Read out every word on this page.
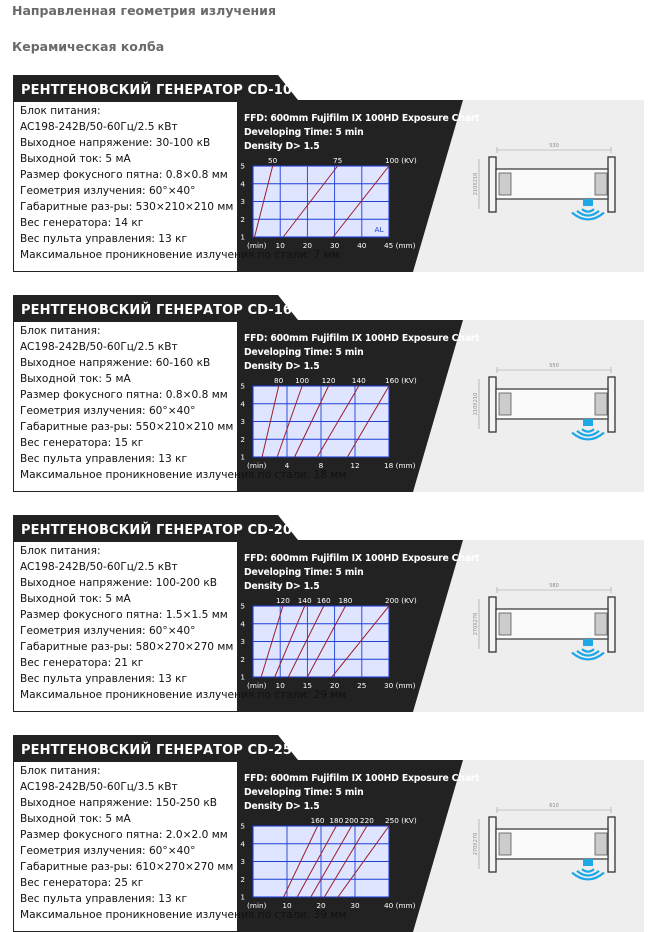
Направленная геометрия излучения
Керамическая колба
РЕНТГЕНОВСКИЙ ГЕНЕРАТОР CD-100
Блок питания:
AC198-242В/50-60Гц/2.5 кВт
Выходное напряжение: 30-100 кВ
Выходной ток: 5 мА
Размер фокусного пятна: 0.8×0.8 мм
Геометрия излучения: 60°×40°
Габаритные раз-ры: 530×210×210 мм
Вес генератора: 14 кг
Вес пульта управления: 13 кг
Максимальное проникновение излучения по стали: 7 мм
FFD: 600mm Fujifilm IX 100HD Exposure Chart
Developing Time: 5 min
Density D> 1.5
1
2
3
4
5
(min) 10 20 30 40 45 (mm)
50	75	100 (KV)
AL
530
210X210
РЕНТГЕНОВСКИЙ ГЕНЕРАТОР CD-160
Блок питания:
AC198-242В/50-60Гц/2.5 кВт
Выходное напряжение: 60-160 кВ
Выходной ток: 5 мА
Размер фокусного пятна: 0.8×0.8 мм
Геометрия излучения: 60°×40°
Габаритные раз-ры: 550×210×210 мм
Вес генератора: 15 кг
Вес пульта управления: 13 кг
Максимальное проникновение излучения по стали: 18 мм
FFD: 600mm Fujifilm IX 100HD Exposure Chart
Developing Time: 5 min
Density D> 1.5
1
2
3
4
5
(min) 4	8	12	18 (mm)
80 100 120 140	160 (KV)
550
210X210
РЕНТГЕНОВСКИЙ ГЕНЕРАТОР CD-200
Блок питания:
AC198-242В/50-60Гц/2.5 кВт
Выходное напряжение: 100-200 кВ
Выходной ток: 5 мА
Размер фокусного пятна: 1.5×1.5 мм
Геометрия излучения: 60°×40°
Габаритные раз-ры: 580×270×270 мм
Вес генератора: 21 кг
Вес пульта управления: 13 кг
Максимальное проникновение излучения по стали: 29 мм
FFD: 600mm Fujifilm IX 100HD Exposure Chart
Developing Time: 5 min
Density D> 1.5
1
2
3
4
5
(min) 10 15 20 25 30 (mm)
120 140 160 180	200 (KV)
580
270X270
РЕНТГЕНОВСКИЙ ГЕНЕРАТОР CD-250
Блок питания:
AC198-242В/50-60Гц/3.5 кВт
Выходное напряжение: 150-250 кВ
Выходной ток: 5 мА
Размер фокусного пятна: 2.0×2.0 мм
Геометрия излучения: 60°×40°
Габаритные раз-ры: 610×270×270 мм
Вес генератора: 25 кг
Вес пульта управления: 13 кг
Максимальное проникновение излучения по стали: 39 мм
FFD: 600mm Fujifilm IX 100HD Exposure Chart
Developing Time: 5 min
Density D> 1.5
1
2
3
4
5
(min) 10	20	30	40 (mm)
160 180 200 220 250 (KV)
610
270X270
